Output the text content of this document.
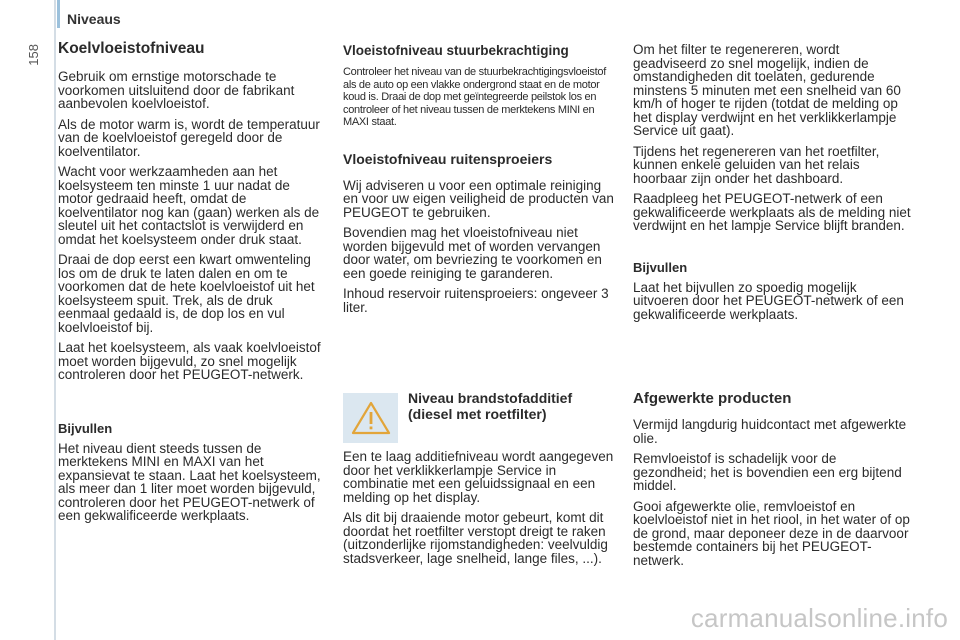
Niveaus
158 Koelvloeistofniveau

Gebruik om ernstige motorschade te voorkomen uitsluitend door de fabrikant aanbevolen koelvloeistof.

Als de motor warm is, wordt de temperatuur van de koelvloeistof geregeld door de koelventilator.

Wacht voor werkzaamheden aan het koelsysteem ten minste 1 uur nadat de motor gedraaid heeft, omdat de koelventilator nog kan (gaan) werken als de sleutel uit het contactslot is verwijderd en omdat het koelsysteem onder druk staat.

Draai de dop eerst een kwart omwenteling los om de druk te laten dalen en om te voorkomen dat de hete koelvloeistof uit het koelsysteem spuit. Trek, als de druk eenmaal gedaald is, de dop los en vul koelvloeistof bij.

Laat het koelsysteem, als vaak koelvloeistof moet worden bijgevuld, zo snel mogelijk controleren door het PEUGEOT-netwerk.

Bijvullen

Het niveau dient steeds tussen de merktekens MINI en MAXI van het expansievat te staan. Laat het koelsysteem, als meer dan 1 liter moet worden bijgevuld, controleren door het PEUGEOT-netwerk of een gekwalificeerde werkplaats.

Vloeistofniveau stuurbekrachtiging

Controleer het niveau van de stuurbekrachtigingsvloeistof als de auto op een vlakke ondergrond staat en de motor koud is. Draai de dop met geïntegreerde peilstok los en controleer of het niveau tussen de merktekens MINI en MAXI staat.

Vloeistofniveau ruitensproeiers

Wij adviseren u voor een optimale reiniging en voor uw eigen veiligheid de producten van PEUGEOT te gebruiken.

Bovendien mag het vloeistofniveau niet worden bijgevuld met of worden vervangen door water, om bevriezing te voorkomen en een goede reiniging te garanderen.

Inhoud reservoir ruitensproeiers: ongeveer 3 liter.

Niveau brandstofadditief (diesel met roetfilter)

Een te laag additiefniveau wordt aangegeven door het verklikkerlampje Service in combinatie met een geluidssignaal en een melding op het display.

Als dit bij draaiende motor gebeurt, komt dit doordat het roetfilter verstopt dreigt te raken (uitzonderlijke rijomstandigheden: veelvuldig stadsverkeer, lage snelheid, lange files, ...).

Om het filter te regenereren, wordt geadviseerd zo snel mogelijk, indien de omstandigheden dit toelaten, gedurende minstens 5 minuten met een snelheid van 60 km/h of hoger te rijden (totdat de melding op het display verdwijnt en het verklikkerlampje Service uit gaat).

Tijdens het regenereren van het roetfilter, kunnen enkele geluiden van het relais hoorbaar zijn onder het dashboard.

Raadpleeg het PEUGEOT-netwerk of een gekwalificeerde werkplaats als de melding niet verdwijnt en het lampje Service blijft branden.

Bijvullen

Laat het bijvullen zo spoedig mogelijk uitvoeren door het PEUGEOT-netwerk of een gekwalificeerde werkplaats.

Afgewerkte producten

Vermijd langdurig huidcontact met afgewerkte olie.

Remvloeistof is schadelijk voor de gezondheid; het is bovendien een erg bijtend middel.

Gooi afgewerkte olie, remvloeistof en koelvloeistof niet in het riool, in het water of op de grond, maar deponeer deze in de daarvoor bestemde containers bij het PEUGEOT-netwerk.

carmanualsonline.info
